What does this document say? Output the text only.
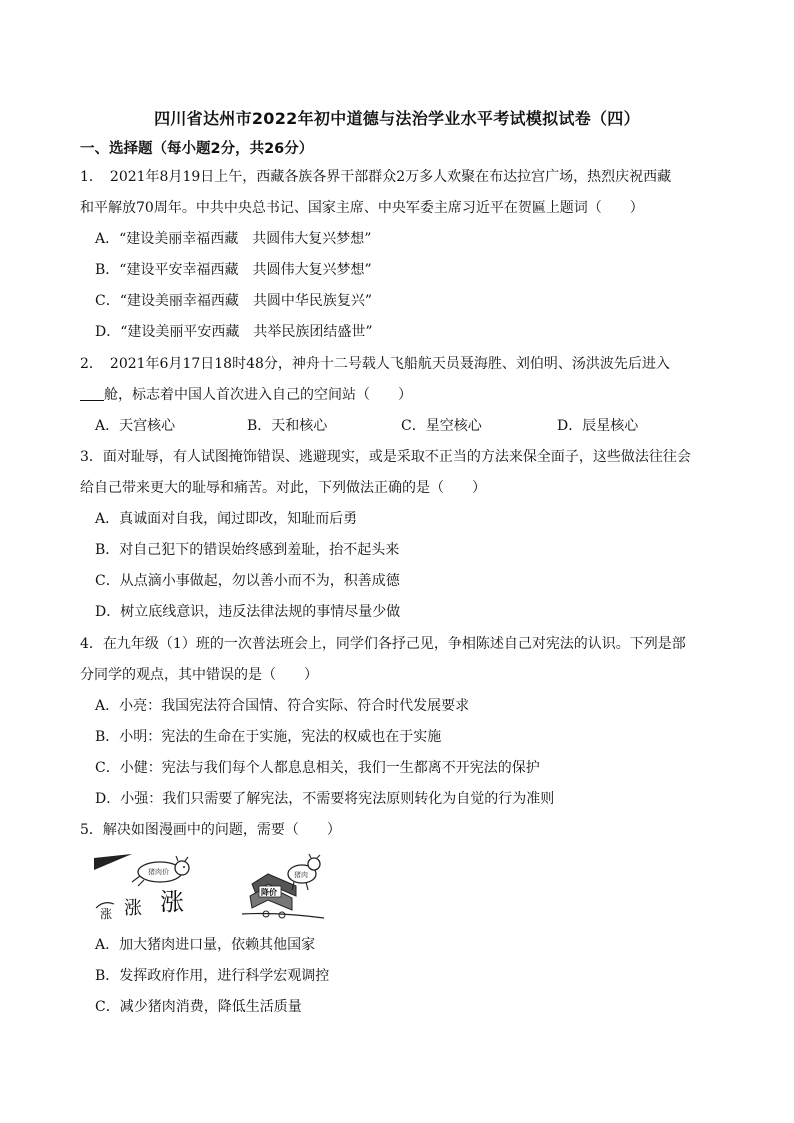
四川省达州市2022年初中道德与法治学业水平考试模拟试卷（四）
一、选择题（每小题2分，共26分）
1．　2021年8月19日上午，西藏各族各界干部群众2万多人欢聚在布达拉宫广场，热烈庆祝西藏
和平解放70周年。中共中央总书记、国家主席、中央军委主席习近平在贺匾上题词（　　）
A．“建设美丽幸福西藏　共圆伟大复兴梦想”
B．“建设平安幸福西藏　共圆伟大复兴梦想”
C．“建设美丽幸福西藏　共圆中华民族复兴”
D．“建设美丽平安西藏　共举民族团结盛世”
2．　2021年6月17日18时48分，神舟十二号载人飞船航天员聂海胜、刘伯明、汤洪波先后进入
舱，标志着中国人首次进入自己的空间站（　　）
A．天宫核心	B．天和核心	C．星空核心	D．辰星核心
3．面对耻辱，有人试图掩饰错误、逃避现实，或是采取不正当的方法来保全面子，这些做法往往会
给自己带来更大的耻辱和痛苦。对此，下列做法正确的是（　　）
A．真诚面对自我，闻过即改，知耻而后勇
B．对自己犯下的错误始终感到羞耻，抬不起头来
C．从点滴小事做起，勿以善小而不为，积善成德
D．树立底线意识，违反法律法规的事情尽量少做
4．在九年级（1）班的一次普法班会上，同学们各抒己见，争相陈述自己对宪法的认识。下列是部
分同学的观点，其中错误的是（　　）
A．小亮：我国宪法符合国情、符合实际、符合时代发展要求
B．小明：宪法的生命在于实施，宪法的权威也在于实施
C．小健：宪法与我们每个人都息息相关，我们一生都离不开宪法的保护
D．小强：我们只需要了解宪法，不需要将宪法原则转化为自觉的行为准则
5．解决如图漫画中的问题，需要（　　）
猪肉价
涨 涨 涨	降价
猪肉
A．加大猪肉进口量，依赖其他国家
B．发挥政府作用，进行科学宏观调控
C．减少猪肉消费，降低生活质量
